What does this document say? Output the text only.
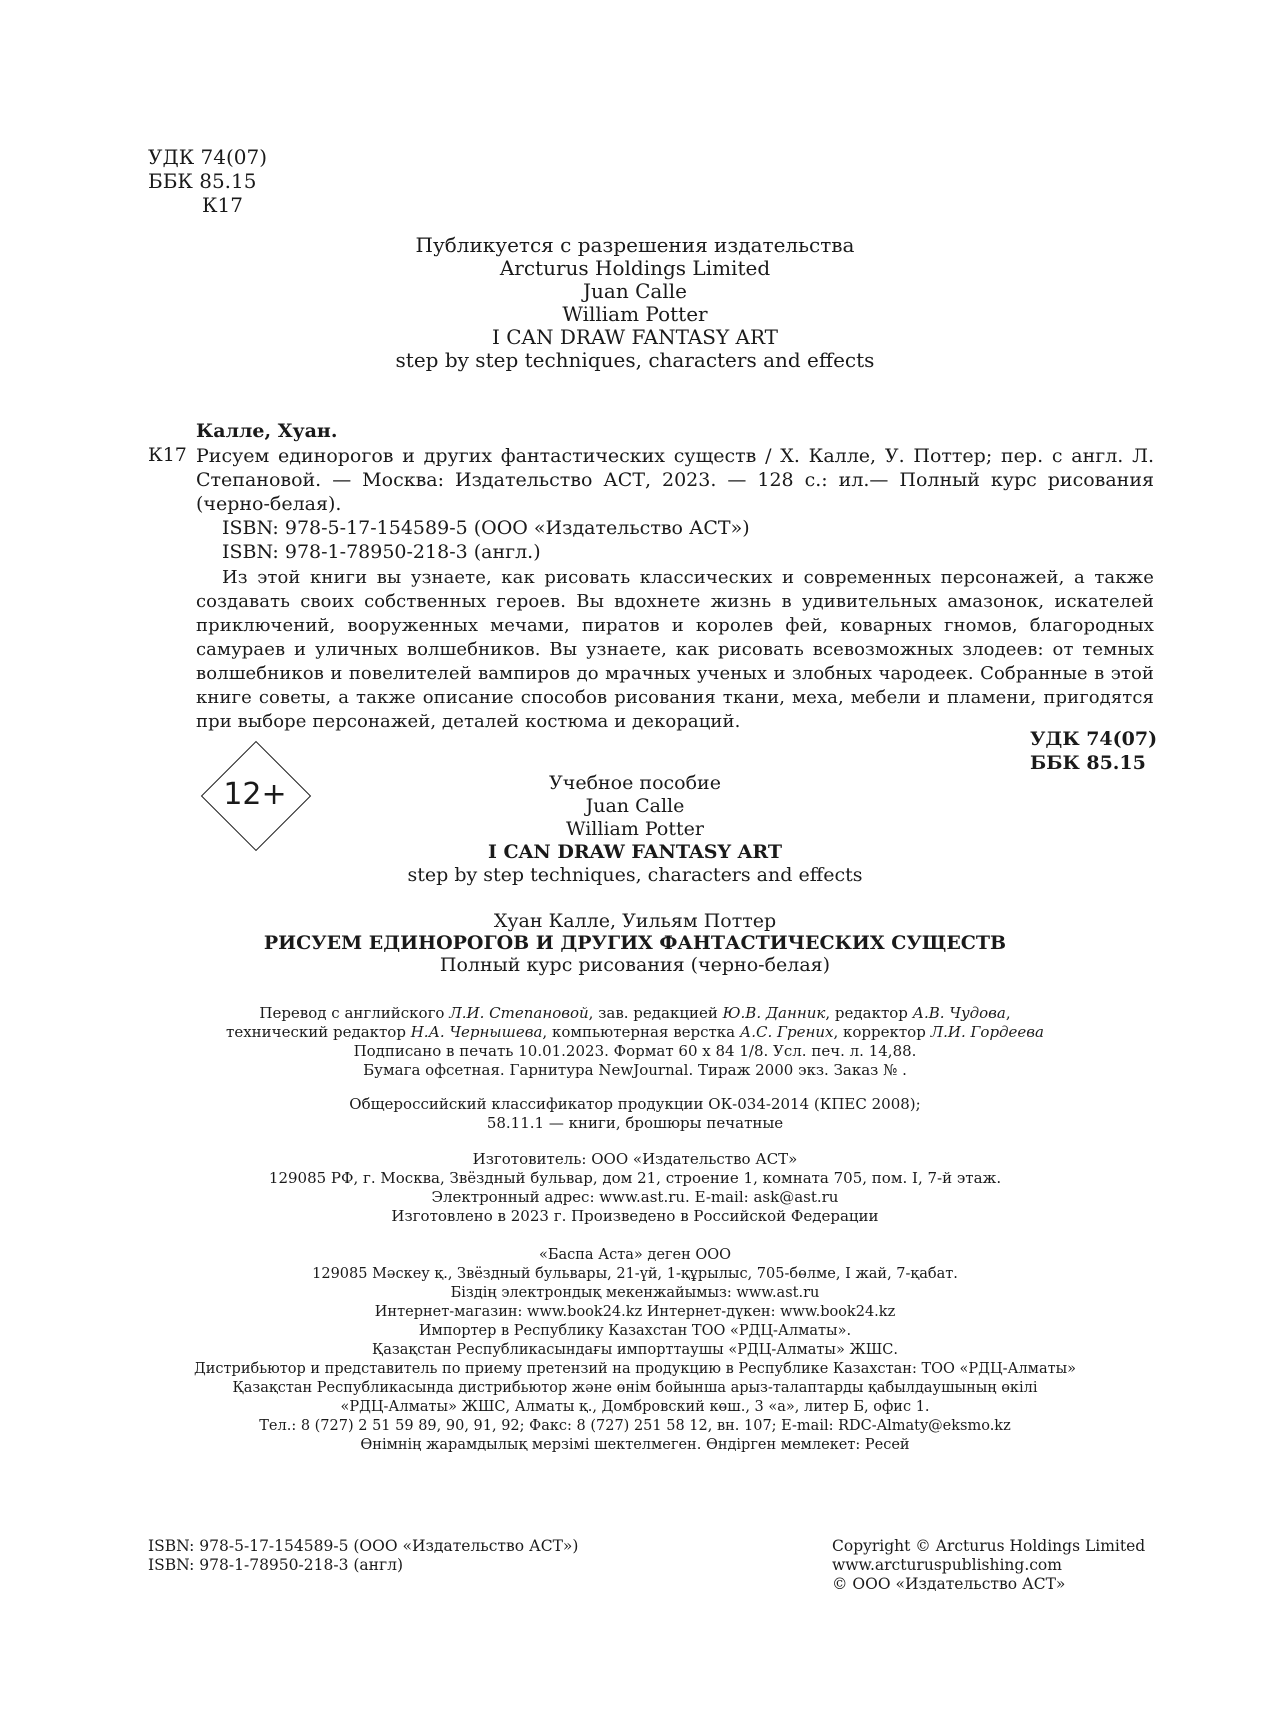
УДК 74(07)
ББК 85.15
К17
Публикуется с разрешения издательства
Arcturus Holdings Limited
Juan Calle
William Potter
I CAN DRAW FANTASY ART
step by step techniques, characters and effects
Калле, Хуан.
К17 Рисуем единорогов и других фантастических существ / Х. Калле, У. Поттер; пер. с англ. Л. Степановой. — Москва: Издательство АСТ, 2023. — 128 с.: ил.— Полный курс рисования (черно-белая).
ISBN: 978-5-17-154589-5 (ООО «Издательство АСТ»)
ISBN: 978-1-78950-218-3 (англ.)
Из этой книги вы узнаете, как рисовать классических и современных персонажей, а также создавать своих собственных героев. Вы вдохнете жизнь в удивительных амазонок, искателей приключений, вооруженных мечами, пиратов и королев фей, коварных гномов, благородных самураев и уличных волшебников. Вы узнаете, как рисовать всевозможных злодеев: от темных волшебников и повелителей вампиров до мрачных ученых и злобных чародеек. Собранные в этой книге советы, а также описание способов рисования ткани, меха, мебели и пламени, пригодятся при выборе персонажей, деталей костюма и декораций.
УДК 74(07)
ББК 85.15
12+	Учебное пособие
Juan Calle
William Potter
I CAN DRAW FANTASY ART
step by step techniques, characters and effects
Хуан Калле, Уильям Поттер
РИСУЕМ ЕДИНОРОГОВ И ДРУГИХ ФАНТАСТИЧЕСКИХ СУЩЕСТВ
Полный курс рисования (черно-белая)
Перевод с английского Л.И. Степановой, зав. редакцией Ю.В. Данник, редактор А.В. Чудова,
технический редактор Н.А. Чернышева, компьютерная верстка А.С. Гренuх, корректор Л.И. Гордеева
Подписано в печать 10.01.2023. Формат 60 x 84 1/8. Усл. печ. л. 14,88.
Бумага офсетная. Гарнитура NewJournal. Тираж 2000 экз. Заказ № .
Общероссийский классификатор продукции ОК-034-2014 (КПЕС 2008);
58.11.1 — книги, брошюры печатные
Изготовитель: ООО «Издательство АСТ»
129085 РФ, г. Москва, Звёздный бульвар, дом 21, строение 1, комната 705, пом. I, 7-й этаж.
Электронный адрес: www.ast.ru. E-mail: ask@ast.ru
Изготовлено в 2023 г. Произведено в Российской Федерации
«Баспа Аста» деген ООО
129085 Мәскеу қ., Звёздный бульвары, 21-үй, 1-құрылыс, 705-бөлме, I жай, 7-қабат.
Біздің электрондық мекенжайымыз: www.ast.ru
Интернет-магазин: www.book24.kz Интернет-дүкен: www.book24.kz
Импортер в Республику Казахстан ТОО «РДЦ-Алматы».
Қазақстан Республикасындағы импорттаушы «РДЦ-Алматы» ЖШС.
Дистрибьютор и представитель по приему претензий на продукцию в Республике Казахстан: ТОО «РДЦ-Алматы»
Қазақстан Республикасында дистрибьютор және өнім бойынша арыз-талаптарды қабылдаушының өкілі
«РДЦ-Алматы» ЖШС, Алматы қ., Домбровский көш., 3 «а», литер Б, офис 1.
Тел.: 8 (727) 2 51 59 89, 90, 91, 92; Факс: 8 (727) 251 58 12, вн. 107; E-mail: RDC-Almaty@eksmo.kz
Өнімнің жарамдылық мерзімі шектелмеген. Өндірген мемлекет: Ресей
ISBN: 978-5-17-154589-5 (ООО «Издательство АСТ»)
ISBN: 978-1-78950-218-3 (англ)
Copyright © Arcturus Holdings Limited
www.arcturuspublishing.com
© ООО «Издательство АСТ»
